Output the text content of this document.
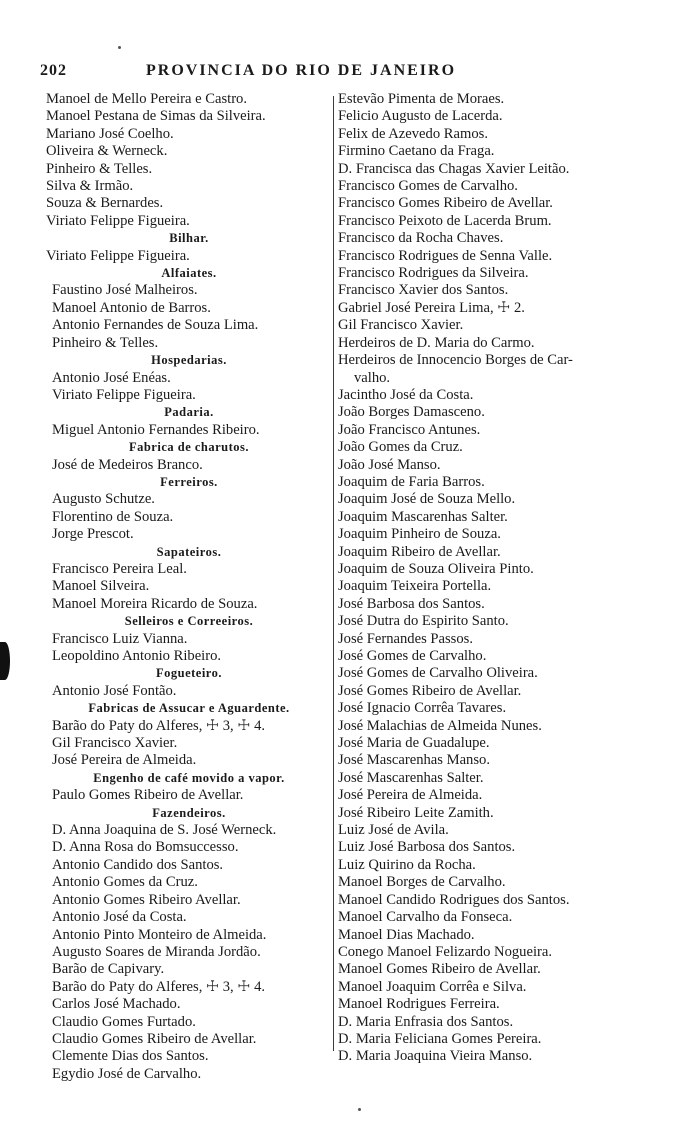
202	PROVINCIA DO RIO DE JANEIRO
Manoel de Mello Pereira e Castro.
Manoel Pestana de Simas da Silveira.
Mariano José Coelho.
Oliveira & Werneck.
Pinheiro & Telles.
Silva & Irmão.
Souza & Bernardes.
Viriato Felippe Figueira.
Bilhar.
Viriato Felippe Figueira.
Alfaiates.
Faustino José Malheiros.
Manoel Antonio de Barros.
Antonio Fernandes de Souza Lima.
Pinheiro & Telles.
Hospedarias.
Antonio José Enéas.
Viriato Felippe Figueira.
Padaria.
Miguel Antonio Fernandes Ribeiro.
Fabrica de charutos.
José de Medeiros Branco.
Ferreiros.
Augusto Schutze.
Florentino de Souza.
Jorge Prescot.
Sapateiros.
Francisco Pereira Leal.
Manoel Silveira.
Manoel Moreira Ricardo de Souza.
Selleiros e Correeiros.
Francisco Luiz Vianna.
Leopoldino Antonio Ribeiro.
Fogueteiro.
Antonio José Fontão.
Fabricas de Assucar e Aguardente.
Barão do Paty do Alferes, ☩ 3, ☩ 4.
Gil Francisco Xavier.
José Pereira de Almeida.
Engenho de café movido a vapor.
Paulo Gomes Ribeiro de Avellar.
Fazendeiros.
D. Anna Joaquina de S. José Werneck.
D. Anna Rosa do Bomsuccesso.
Antonio Candido dos Santos.
Antonio Gomes da Cruz.
Antonio Gomes Ribeiro Avellar.
Antonio José da Costa.
Antonio Pinto Monteiro de Almeida.
Augusto Soares de Miranda Jordão.
Barão de Capivary.
Barão do Paty do Alferes, ☩ 3, ☩ 4.
Carlos José Machado.
Claudio Gomes Furtado.
Claudio Gomes Ribeiro de Avellar.
Clemente Dias dos Santos.
Egydio José de Carvalho.
Estevão Pimenta de Moraes.
Felicio Augusto de Lacerda.
Felix de Azevedo Ramos.
Firmino Caetano da Fraga.
D. Francisca das Chagas Xavier Leitão.
Francisco Gomes de Carvalho.
Francisco Gomes Ribeiro de Avellar.
Francisco Peixoto de Lacerda Brum.
Francisco da Rocha Chaves.
Francisco Rodrigues de Senna Valle.
Francisco Rodrigues da Silveira.
Francisco Xavier dos Santos.
Gabriel José Pereira Lima, ☩ 2.
Gil Francisco Xavier.
Herdeiros de D. Maria do Carmo.
Herdeiros de Innocencio Borges de Car-
valho.
Jacintho José da Costa.
João Borges Damasceno.
João Francisco Antunes.
João Gomes da Cruz.
João José Manso.
Joaquim de Faria Barros.
Joaquim José de Souza Mello.
Joaquim Mascarenhas Salter.
Joaquim Pinheiro de Souza.
Joaquim Ribeiro de Avellar.
Joaquim de Souza Oliveira Pinto.
Joaquim Teixeira Portella.
José Barbosa dos Santos.
José Dutra do Espirito Santo.
José Fernandes Passos.
José Gomes de Carvalho.
José Gomes de Carvalho Oliveira.
José Gomes Ribeiro de Avellar.
José Ignacio Corrêa Tavares.
José Malachias de Almeida Nunes.
José Maria de Guadalupe.
José Mascarenhas Manso.
José Mascarenhas Salter.
José Pereira de Almeida.
José Ribeiro Leite Zamith.
Luiz José de Avila.
Luiz José Barbosa dos Santos.
Luiz Quirino da Rocha.
Manoel Borges de Carvalho.
Manoel Candido Rodrigues dos Santos.
Manoel Carvalho da Fonseca.
Manoel Dias Machado.
Conego Manoel Felizardo Nogueira.
Manoel Gomes Ribeiro de Avellar.
Manoel Joaquim Corrêa e Silva.
Manoel Rodrigues Ferreira.
D. Maria Enfrasia dos Santos.
D. Maria Feliciana Gomes Pereira.
D. Maria Joaquina Vieira Manso.
